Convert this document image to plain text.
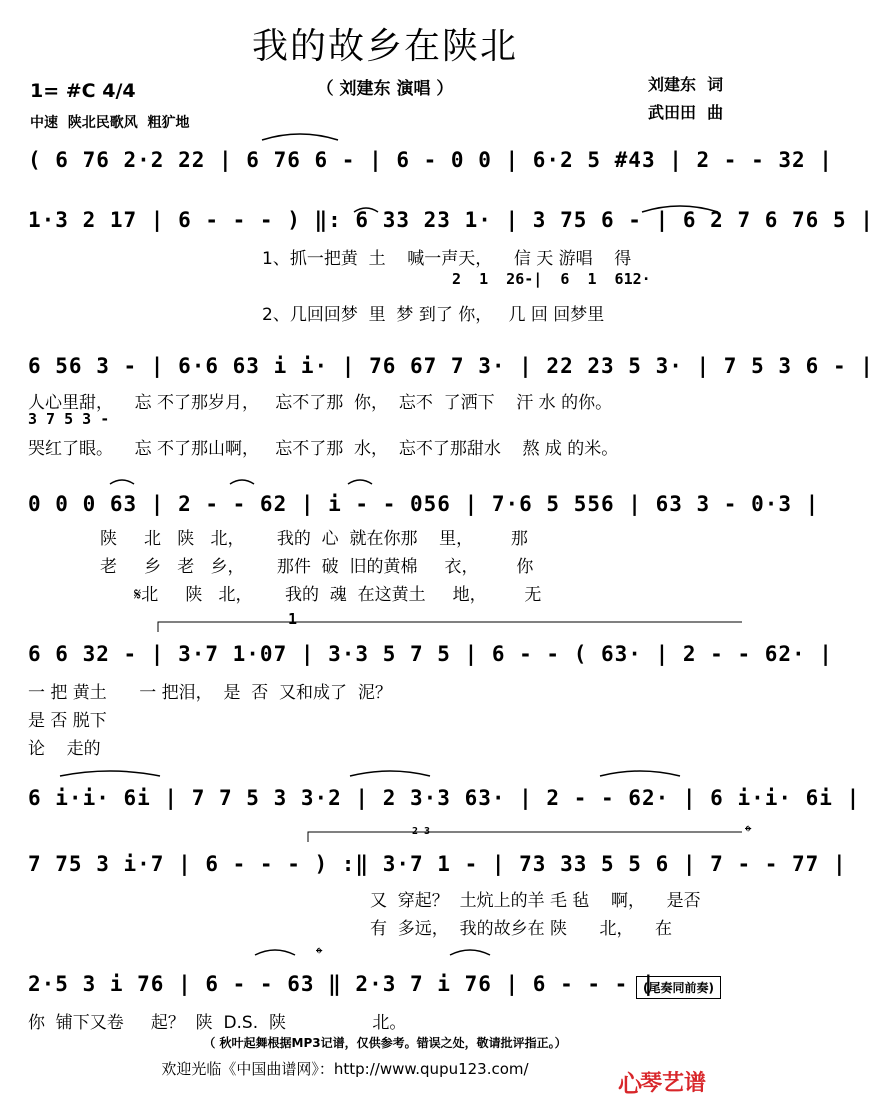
我的故乡在陕北
（ 刘建东 演唱 ）
1= #C 4/4
中速  陕北民歌风  粗犷地
刘建东  词
武田田  曲
1
2 3	𝄌
𝄌
( 6 76 2·2 22 | 6 76 6 - | 6 - 0 0 | 6·2 5 #43 | 2 - - 32 |
1·3 2 17 | 6 - - - ) ‖: 6 33 23 1· | 3 75 6 - | 6 2 7 6 76 5 |
1、抓一把黄  土    喊一声天，    信 天 游唱    得
2  1  26-|  6  1  612·
2、几回回梦  里  梦 到了 你，   几 回 回梦里
6 56 3 - | 6·6 63 i i· | 76 67 7 3· | 22 23 5 3· | 7 5 3 6 - |
人心里甜，    忘 不了那岁月，   忘不了那  你，  忘不  了洒下    汗 水 的你。
3 7 5 3 -
哭红了眼。    忘 不了那山啊，   忘不了那  水，  忘不了那甜水    熬 成 的米。
0 0 0 63 | 2 - - 62 | i - - 056 | 7·6 5 556 | 63 3 - 0·3 |
陕     北   陕   北，      我的  心  就在你那    里，       那
老     乡   老   乡，      那件  破  旧的黄棉     衣，       你
𝄋北     陕   北，      我的  魂  在这黄土     地，       无
6 6 32 - | 3·7 1·07 | 3·3 5 7 5 | 6 - - ( 63· | 2 - - 62· |
一 把 黄土      一 把泪，  是  否  又和成了  泥？
是 否 脱下
论    走的
6 i·i· 6i | 7 7 5 3 3·2 | 2 3·3 63· | 2 - - 62· | 6 i·i· 6i |
7 75 3 i·7 | 6 - - - ) :‖ 3·7 1 - | 73 33 5 5 6 | 7 - - 77 |
又  穿起？  土炕上的羊 毛 毡    啊，    是否
有  多远，  我的故乡在 陕      北，    在
2·5 3 i 76 | 6 - - 63 ‖ 2·3 7 i 76 | 6 - - - |
(尾奏同前奏)
你  铺下又卷     起？  陕  D.S.  陕                北。
（ 秋叶起舞根据MP3记谱，仅供参考。错误之处，敬请批评指正。）
欢迎光临《中国曲谱网》：http://www.qupu123.com/
心
琴艺谱
